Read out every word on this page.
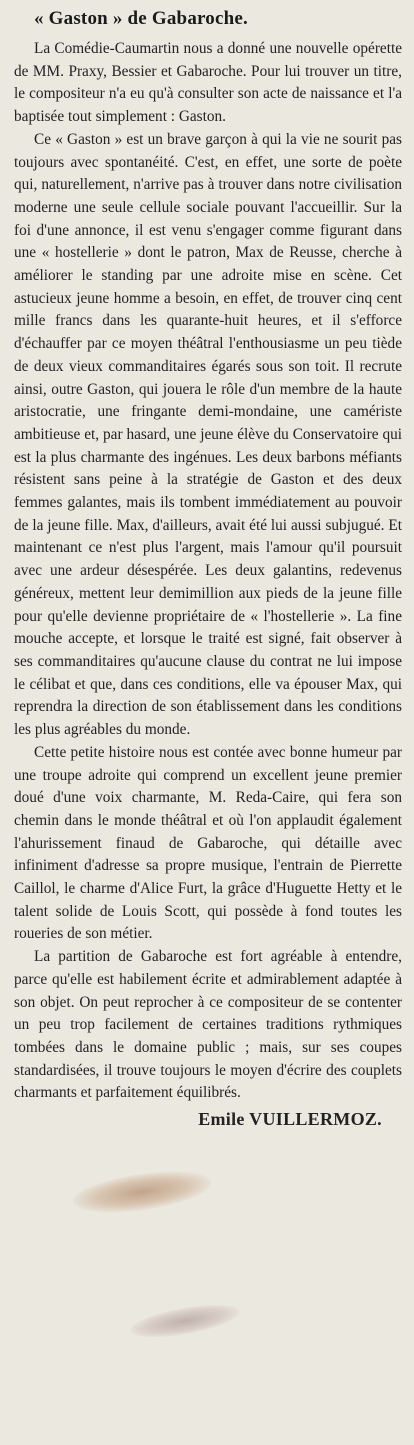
« Gaston » de Gabaroche.

La Comédie-Caumartin nous a donné une nouvelle opérette de MM. Praxy, Bessier et Gabaroche. Pour lui trouver un titre, le compositeur n'a eu qu'à consulter son acte de naissance et l'a baptisée tout simplement : Gaston.

Ce « Gaston » est un brave garçon à qui la vie ne sourit pas toujours avec spontanéité. C'est, en effet, une sorte de poète qui, naturellement, n'arrive pas à trouver dans notre civilisation moderne une seule cellule sociale pouvant l'accueillir. Sur la foi d'une annonce, il est venu s'engager comme figurant dans une « hostellerie » dont le patron, Max de Reusse, cherche à améliorer le standing par une adroite mise en scène. Cet astucieux jeune homme a besoin, en effet, de trouver cinq cent mille francs dans les quarante-huit heures, et il s'efforce d'échauffer par ce moyen théâtral l'enthousiasme un peu tiède de deux vieux commanditaires égarés sous son toit. Il recrute ainsi, outre Gaston, qui jouera le rôle d'un membre de la haute aristocratie, une fringante demi-mondaine, une camériste ambitieuse et, par hasard, une jeune élève du Conservatoire qui est la plus charmante des ingénues. Les deux barbons méfiants résistent sans peine à la stratégie de Gaston et des deux femmes galantes, mais ils tombent immédiatement au pouvoir de la jeune fille. Max, d'ailleurs, avait été lui aussi subjugué. Et maintenant ce n'est plus l'argent, mais l'amour qu'il poursuit avec une ardeur désespérée. Les deux galantins, redevenus généreux, mettent leur demimillion aux pieds de la jeune fille pour qu'elle devienne propriétaire de « l'hostellerie ». La fine mouche accepte, et lorsque le traité est signé, fait observer à ses commanditaires qu'aucune clause du contrat ne lui impose le célibat et que, dans ces conditions, elle va épouser Max, qui reprendra la direction de son établissement dans les conditions les plus agréables du monde.

Cette petite histoire nous est contée avec bonne humeur par une troupe adroite qui comprend un excellent jeune premier doué d'une voix charmante, M. Reda-Caire, qui fera son chemin dans le monde théâtral et où l'on applaudit également l'ahurissement finaud de Gabaroche, qui détaille avec infiniment d'adresse sa propre musique, l'entrain de Pierrette Caillol, le charme d'Alice Furt, la grâce d'Huguette Hetty et le talent solide de Louis Scott, qui possède à fond toutes les roueries de son métier.

La partition de Gabaroche est fort agréable à entendre, parce qu'elle est habilement écrite et admirablement adaptée à son objet. On peut reprocher à ce compositeur de se contenter un peu trop facilement de certaines traditions rythmiques tombées dans le domaine public ; mais, sur ses coupes standardisées, il trouve toujours le moyen d'écrire des couplets charmants et parfaitement équilibrés.

Emile VUILLERMOZ.
